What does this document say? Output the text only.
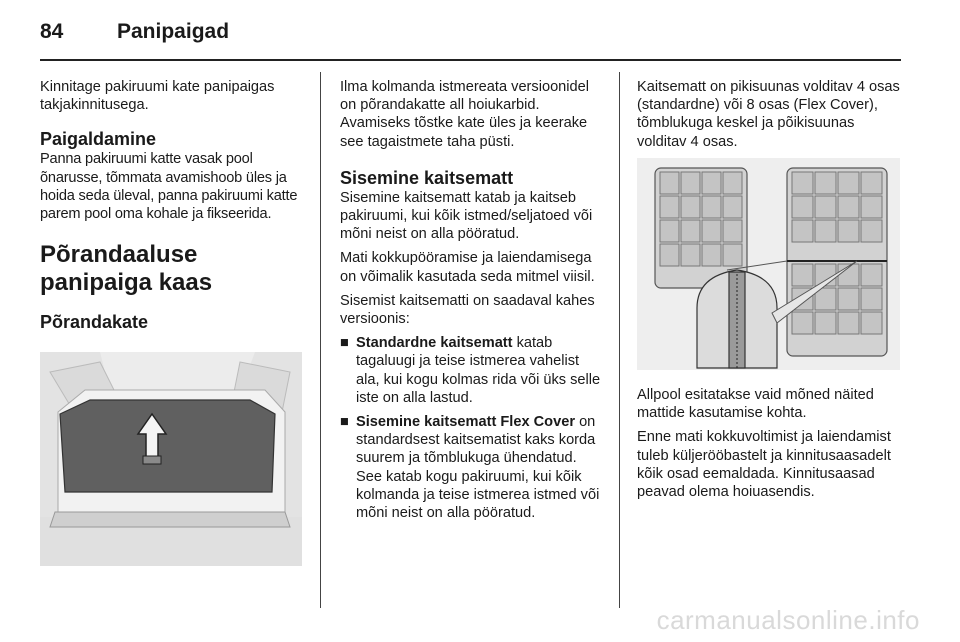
84	Panipaigad

Kinnitage pakiruumi kate panipaigas takjakinnitusega.

Paigaldamine

Panna pakiruumi katte vasak pool õnarusse, tõmmata avamishoob üles ja hoida seda üleval, panna pakiruumi katte parem pool oma kohale ja fikseerida.

Põrandaaluse panipaiga kaas
Põrandakate

Ilma kolmanda istmereata versioonidel on põrandakatte all hoiukarbid. Avamiseks tõstke kate üles ja keerake see tagaistmete taha püsti.

Sisemine kaitsematt

Sisemine kaitsematt katab ja kaitseb pakiruumi, kui kõik istmed/seljatoed või mõni neist on alla pööratud.

Mati kokkupööramise ja laiendamisega on võimalik kasutada seda mitmel viisil.

Sisemist kaitsematti on saadaval kahes versioonis:

■ Standardne kaitsematt katab tagaluugi ja teise istmerea vahelist ala, kui kogu kolmas rida või üks selle iste on alla lastud.
■ Sisemine kaitsematt Flex Cover on standardsest kaitsematist kaks korda suurem ja tõmblukuga ühendatud. See katab kogu pakiruumi, kui kõik kolmanda ja teise istmerea istmed või mõni neist on alla pööratud.

Kaitsematt on pikisuunas volditav 4 osas (standardne) või 8 osas (Flex Cover), tõmblukuga keskel ja põikisuunas volditav 4 osas.

Allpool esitatakse vaid mõned näited mattide kasutamise kohta.

Enne mati kokkuvoltimist ja laiendamist tuleb küljerööbastelt ja kinnitusaasadelt kõik osad eemaldada. Kinnitusaasad peavad olema hoiuasendis.

carmanualsonline.info
